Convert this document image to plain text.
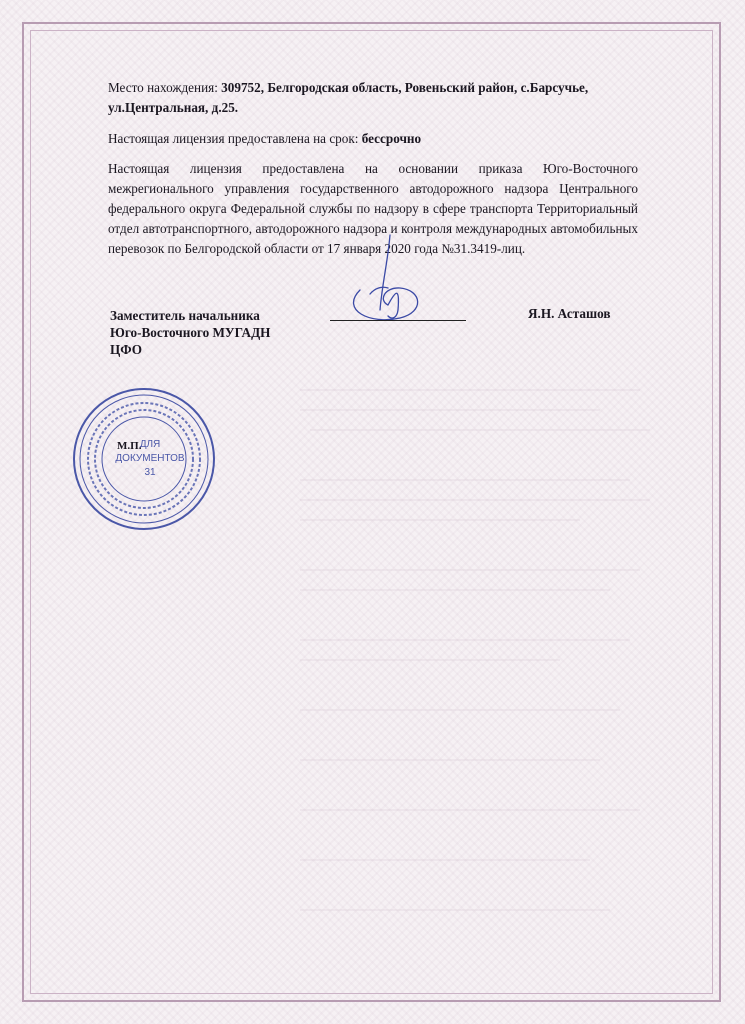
Место нахождения: 309752, Белгородская область, Ровеньский район, с.Барсучье,
ул.Центральная, д.25.
Настоящая лицензия предоставлена на срок: бессрочно
Настоящая лицензия предоставлена на основании приказа Юго-Восточного межрегионального управления государственного автодорожного надзора Центрального федерального округа Федеральной службы по надзору в сфере транспорта Территориальный отдел автотранспортного, автодорожного надзора и контроля международных автомобильных перевозок по Белгородской области от 17 января 2020 года №31.3419-лиц.
Заместитель начальника
Юго-Восточного МУГАДН
ЦФО
Я.Н. Асташов
ДЛЯ
ДОКУМЕНТОВ
31
М.П.
